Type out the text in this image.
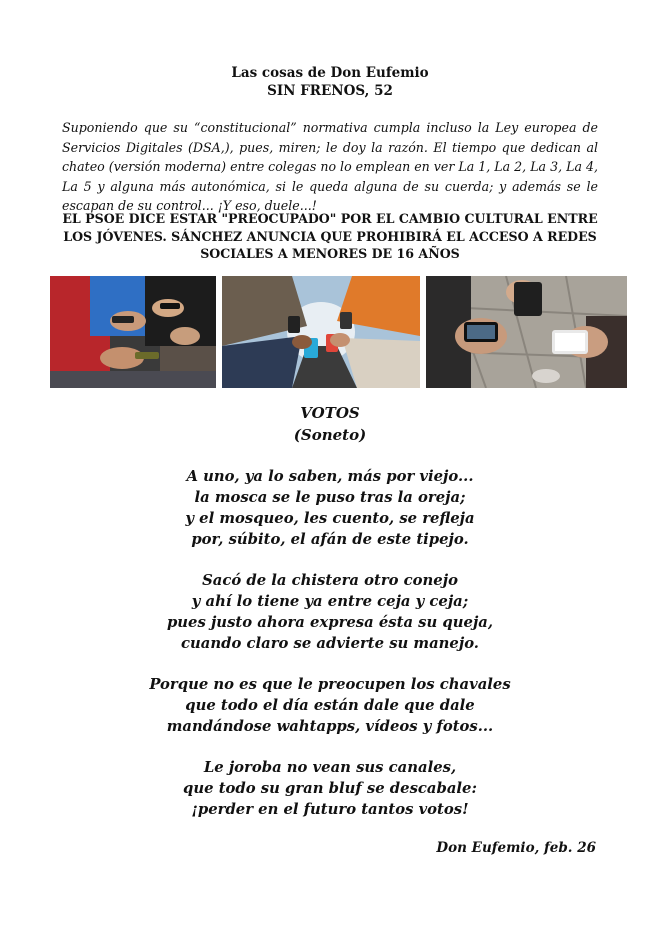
Las cosas de Don Eufemio
SIN FRENOS, 52
Suponiendo que su “constitucional” normativa cumpla incluso la Ley europea de Servicios Digitales (DSA,), pues, miren; le doy la razón. El tiempo que dedican al chateo (versión moderna) entre colegas no lo emplean en ver La 1, La 2, La 3, La 4, La 5 y alguna más autonómica, si le queda alguna de su cuerda; y además se le escapan de su control... ¡Y eso, duele...!
EL PSOE DICE ESTAR "PREOCUPADO" POR EL CAMBIO CULTURAL ENTRE LOS JÓVENES. SÁNCHEZ ANUNCIA QUE PROHIBIRÁ EL ACCESO A REDES SOCIALES A MENORES DE 16 AÑOS
VOTOS
(Soneto)
A uno, ya lo saben, más por viejo...
la mosca se le puso tras la oreja;
y el mosqueo, les cuento, se refleja
por, súbito, el afán de este tipejo.
Sacó de la chistera otro conejo
y ahí lo tiene ya entre ceja y ceja;
pues justo ahora expresa ésta su queja,
cuando claro se advierte su manejo.
Porque no es que le preocupen los chavales
que todo el día están dale que dale
mandándose wahtapps, vídeos y fotos...
Le joroba no vean sus canales,
que todo su gran bluf se descabale:
¡perder en el futuro tantos votos!
Don Eufemio, feb. 26
